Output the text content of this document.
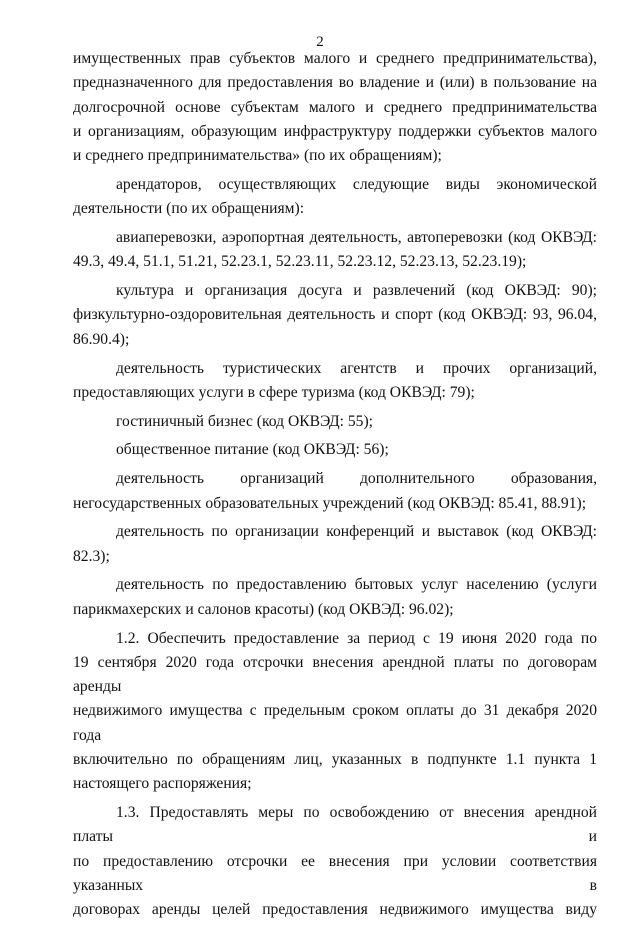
2

имущественных прав субъектов малого и среднего предпринимательства),
предназначенного для предоставления во владение и (или) в пользование на
долгосрочной основе субъектам малого и среднего предпринимательства
и организациям, образующим инфраструктуру поддержки субъектов малого
и среднего предпринимательства» (по их обращениям);

арендаторов, осуществляющих следующие виды экономической
деятельности (по их обращениям):

авиаперевозки, аэропортная деятельность, автоперевозки (код ОКВЭД:
49.3, 49.4, 51.1, 51.21, 52.23.1, 52.23.11, 52.23.12, 52.23.13, 52.23.19);

культура и организация досуга и развлечений (код ОКВЭД: 90);
физкультурно-оздоровительная деятельность и спорт (код ОКВЭД: 93, 96.04,
86.90.4);

деятельность туристических агентств и прочих организаций,
предоставляющих услуги в сфере туризма (код ОКВЭД: 79);

гостиничный бизнес (код ОКВЭД: 55);

общественное питание (код ОКВЭД: 56);

деятельность организаций дополнительного образования,
негосударственных образовательных учреждений (код ОКВЭД: 85.41, 88.91);

деятельность по организации конференций и выставок (код ОКВЭД:
82.3);

деятельность по предоставлению бытовых услуг населению (услуги
парикмахерских и салонов красоты) (код ОКВЭД: 96.02);

1.2. Обеспечить предоставление за период с 19 июня 2020 года по
19 сентября 2020 года отсрочки внесения арендной платы по договорам аренды
недвижимого имущества с предельным сроком оплаты до 31 декабря 2020 года
включительно по обращениям лиц, указанных в подпункте 1.1 пункта 1
настоящего распоряжения;

1.3. Предоставлять меры по освобождению от внесения арендной платы и
по предоставлению отсрочки ее внесения при условии соответствия указанных в
договорах аренды целей предоставления недвижимого имущества виду
